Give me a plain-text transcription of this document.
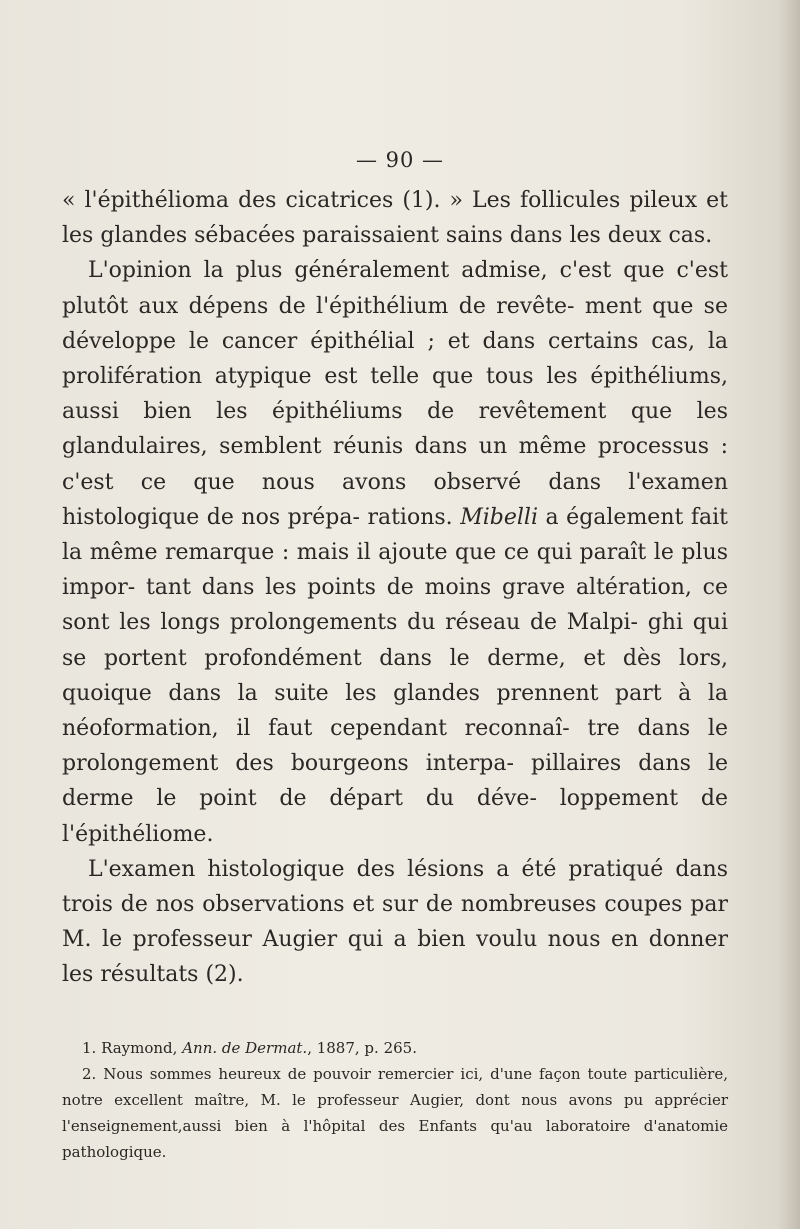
— 90 —

« l'épithélioma des cicatrices (1). » Les follicules pileux et les glandes sébacées paraissaient sains dans les deux cas.

L'opinion la plus généralement admise, c'est que c'est plutôt aux dépens de l'épithélium de revête- ment que se développe le cancer épithélial ; et dans certains cas, la prolifération atypique est telle que tous les épithéliums, aussi bien les épithéliums de revêtement que les glandulaires, semblent réunis dans un même processus : c'est ce que nous avons observé dans l'examen histologique de nos prépa- rations. Mibelli a également fait la même remarque : mais il ajoute que ce qui paraît le plus impor- tant dans les points de moins grave altération, ce sont les longs prolongements du réseau de Malpi- ghi qui se portent profondément dans le derme, et dès lors, quoique dans la suite les glandes prennent part à la néoformation, il faut cependant reconnaî- tre dans le prolongement des bourgeons interpa- pillaires dans le derme le point de départ du déve- loppement de l'épithéliome.

L'examen histologique des lésions a été pratiqué dans trois de nos observations et sur de nombreuses coupes par M. le professeur Augier qui a bien voulu nous en donner les résultats (2).

1. Raymond, Ann. de Dermat., 1887, p. 265.

2. Nous sommes heureux de pouvoir remercier ici, d'une façon toute particulière, notre excellent maître, M. le professeur Augier, dont nous avons pu apprécier l'enseignement,aussi bien à l'hôpital des Enfants qu'au laboratoire d'anatomie pathologique.
